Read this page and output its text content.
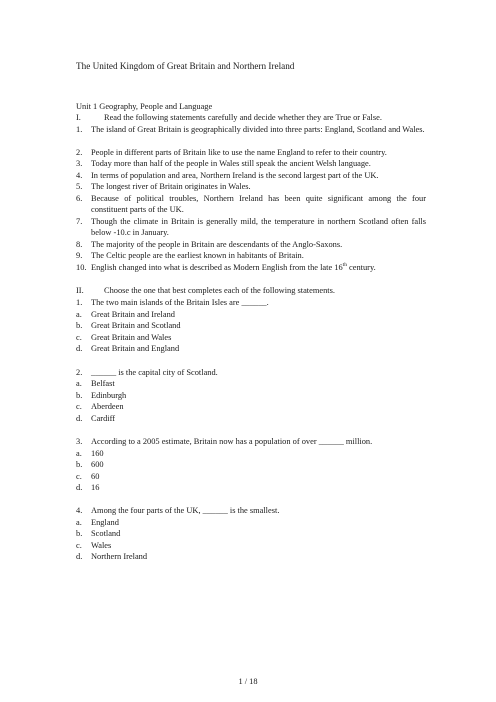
The United Kingdom of Great Britain and Northern Ireland
Unit 1 Geography, People and Language
I.	Read the following statements carefully and decide whether they are True or False.
1. The island of Great Britain is geographically divided into three parts: England, Scotland and Wales.
2. People in different parts of Britain like to use the name England to refer to their country.
3. Today more than half of the people in Wales still speak the ancient Welsh language.
4. In terms of population and area, Northern Ireland is the second largest part of the UK.
5. The longest river of Britain originates in Wales.
6. Because of political troubles, Northern Ireland has been quite significant among the four constituent parts of the UK.
7. Though the climate in Britain is generally mild, the temperature in northern Scotland often falls below -10.c in January.
8. The majority of the people in Britain are descendants of the Anglo-Saxons.
9. The Celtic people are the earliest known in habitants of Britain.
10. English changed into what is described as Modern English from the late 16th century.
II. Choose the one that best completes each of the following statements.
1. The two main islands of the Britain Isles are ______.
a. Great Britain and Ireland
b. Great Britain and Scotland
c. Great Britain and Wales
d. Great Britain and England
2. ______ is the capital city of Scotland.
a. Belfast
b. Edinburgh
c. Aberdeen
d. Cardiff
3. According to a 2005 estimate, Britain now has a population of over ______ million.
a. 160
b. 600
c. 60
d. 16
4. Among the four parts of the UK, ______ is the smallest.
a. England
b. Scotland
c. Wales
d. Northern Ireland
1 / 18
